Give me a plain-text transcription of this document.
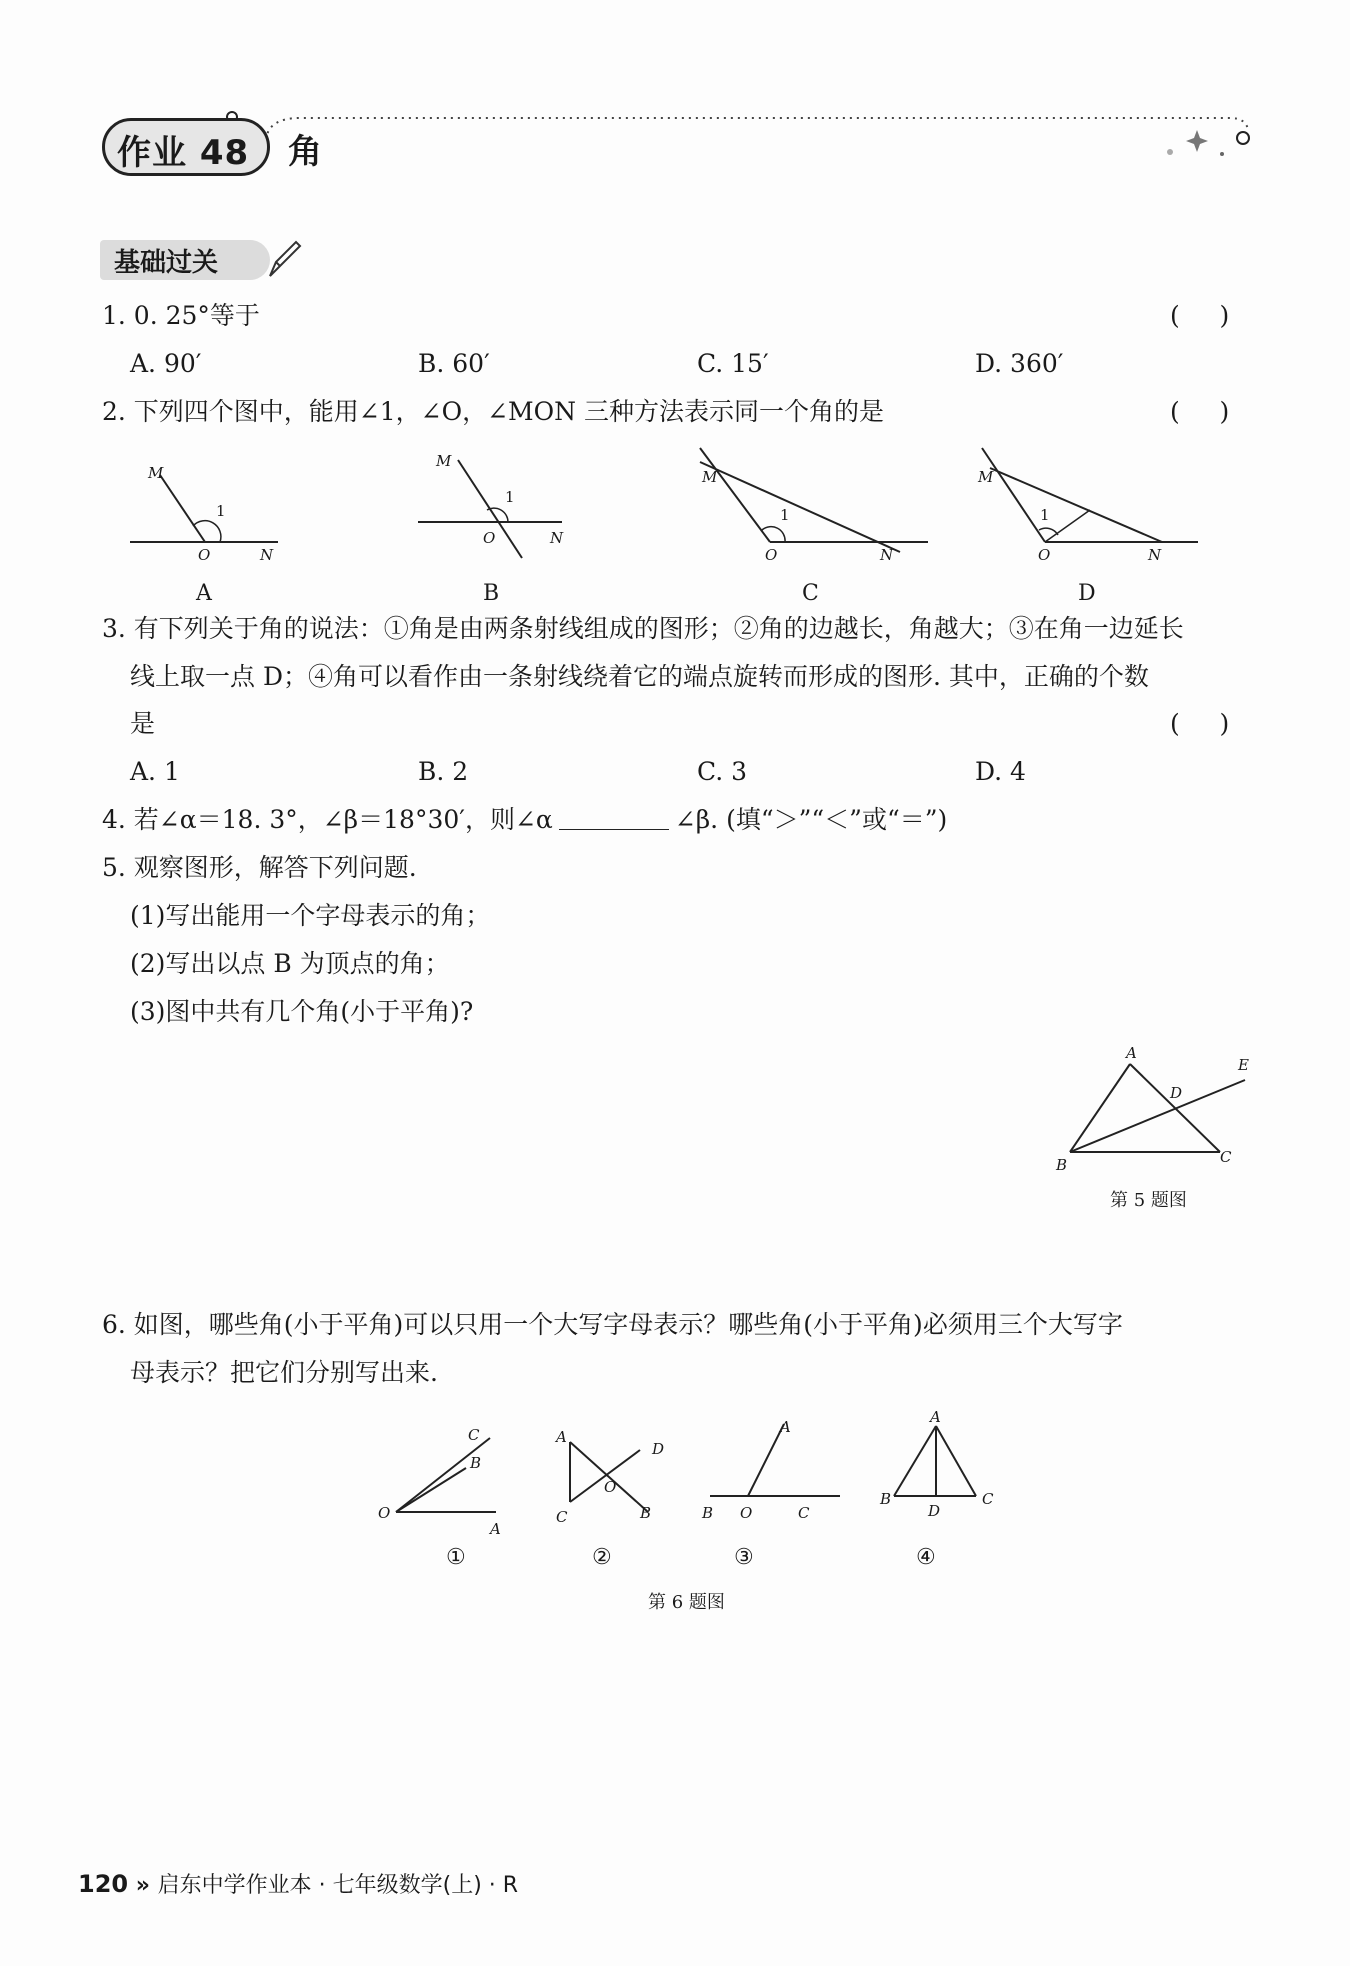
作业 48 角
基础过关
1. 0. 25°等于	(     )
A. 90′	B. 60′	C. 15′	D. 360′
2. 下列四个图中，能用∠1，∠O，∠MON 三种方法表示同一个角的是	(     )
M
1
O	N
A
M
1
O	N
B
M
1
O	N
C
M
1
O	N
D
3. 有下列关于角的说法：①角是由两条射线组成的图形；②角的边越长，角越大；③在角一边延长
线上取一点 D；④角可以看作由一条射线绕着它的端点旋转而形成的图形. 其中，正确的个数
是	(     )
A. 1	B. 2	C. 3	D. 4
4. 若∠α＝18. 3°，∠β＝18°30′，则∠α	∠β. (填“＞”“＜”或“＝”)
5. 观察图形，解答下列问题.
(1)写出能用一个字母表示的角；
(2)写出以点 B 为顶点的角；
(3)图中共有几个角(小于平角)?
A
E
D
B	C
第 5 题图
6. 如图，哪些角(小于平角)可以只用一个大写字母表示？哪些角(小于平角)必须用三个大写字
母表示？把它们分别写出来.
O
B
C
A
①
A
D
O
C	B
②
A
B O	C
③
A
B
D
C
④
第 6 题图
120 » 启东中学作业本 · 七年级数学(上) · R
